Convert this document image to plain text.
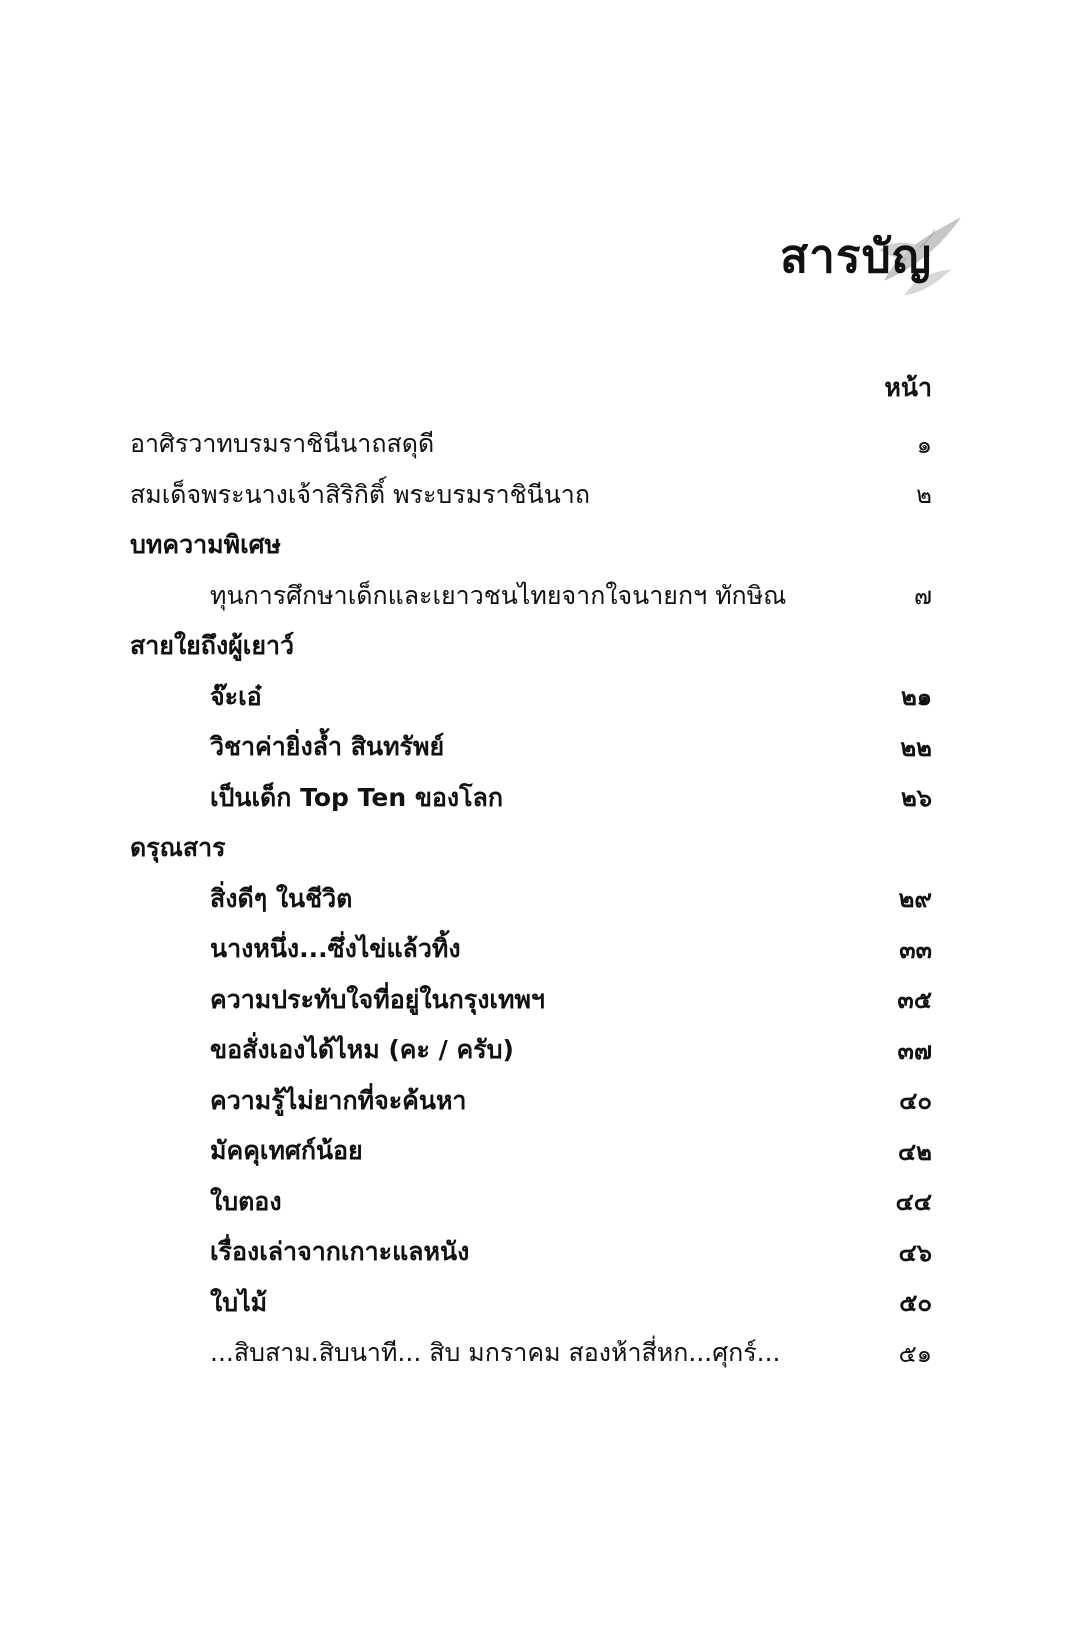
สารบัญ
หน้า
อาศิรวาทบรมราชินีนาถสดุดี	๑
สมเด็จพระนางเจ้าสิริกิติ์ พระบรมราชินีนาถ	๒
บทความพิเศษ
ทุนการศึกษาเด็กและเยาวชนไทยจากใจนายกฯ ทักษิณ	๗
สายใยถึงผู้เยาว์
จ๊ะเอ๋	๒๑
วิชาค่ายิ่งล้ำ สินทรัพย์	๒๒
เป็นเด็ก Top Ten ของโลก	๒๖
ดรุณสาร
สิ่งดีๆ ในชีวิต	๒๙
นางหนึ่ง...ซึ่งไข่แล้วทิ้ง	๓๓
ความประทับใจที่อยู่ในกรุงเทพฯ	๓๕
ขอสั่งเองได้ไหม (คะ / ครับ)	๓๗
ความรู้ไม่ยากที่จะค้นหา	๔๐
มัคคุเทศก์น้อย	๔๒
ใบตอง	๔๔
เรื่องเล่าจากเกาะแลหนัง	๔๖
ใบไม้	๕๐
...สิบสาม.สิบนาที... สิบ มกราคม สองห้าสี่หก...ศุกร์...	๕๑
